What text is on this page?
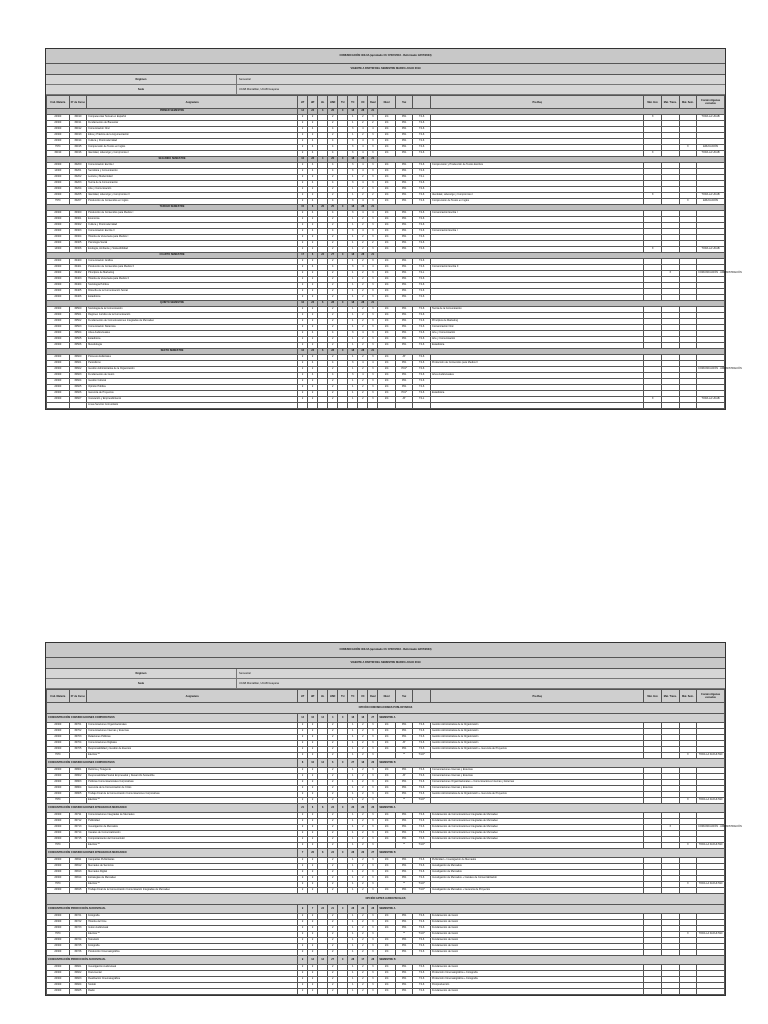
COMUNICACIÓN 400-0A (aprobado CU 07/07/2016 · Reformado 12/07/2023)
VIGENTE A PARTIR DEL SEMESTRE MARZO-JULIO 2019
Régimen	Semestral
Sede	UCAB Montalbán, UCAB Guayana
Cód. Materia	N° de Curso	Asignatura	HT	HP	HL	HSD	TH	TC	UC	Dual	Nivel	Tax		Pre-Req	Mat. Inst.	Mat. Trans.	Mat. Sem.	Común Algunas escuelas
PRIMER SEMESTRE			14	23	3	26	0	18	28	21								
20300	30190	Competencias Textual en Español	2	2		2		1	2	3	2/4	P01	T4-6		X			TODA LA UCAB
20300	30191	Fundamentos de Bienestar	2	2		2		1	2	2	2/4	P01	T4-6					
20300	30192	Comunicación Oral	2	4		4		3	4	4	2/4	P01	T4-6					
20300	30193	Ética y Práctica de la Argumentación	2	2		2		1	2	3	2/4	P01	T4-6					
20300	30194	Cultura y Postmodernidad	2	4		4		3	4	3	2/4	P01	T4-6					
7970	30195	Comprensión de Textos en Inglés	2	4		4		3	4	3	2/4	P01	T4-6				X	EDUCACIÓN
30190	30196	Identidad, Liderazgo y Compromiso I	2	4		4		3	4	3	2/4	P01	T4-6		X			TODA LA UCAB
SEGUNDO SEMESTRE			16	28	4	26	0	18	28	21								
20300	30200	Comunicación Escrita I	2	4		4		3	4	3	2/4	P01	T4-6	Comprensión y Producción de Textos Escritos				
14300	30201	Semiótica y Comunicación	2	4		4		3	4	3	2/4	P01	T4-6					
20300	30202	Lectura y Modernidad	2	2		2		1	2	3	2/4	P01	T4-1					
20300	30203	Teoría de la Comunicación	2	4		4		3	4	3	2/4	P01	T4-6					
20300	30204	Arte y Comunicación	2	2		2		1	2	3	2/4	P01	T4-6					
20300	30205	Identidad, Liderazgo y Compromiso II	2	2		2		1	2	2	2/4	P01	T4-6	Identidad, Liderazgo y Compromiso I	X			TODA LA UCAB
7970	30207	Producción de Contenidos en Inglés	2	4		4		3	4	3	2/4	P01	T4-6	Comprensión de Textos en Inglés			X	EDUCACIÓN
TERCER SEMESTRE			15	6	26	25	0	18	28	21								
20300	30300	Producción de Contenidos para Medios I	2	4		4		3	4	4	2/4	P01	T4-6	Comunicación Escrita I				
20300	30301	Economía	2	2		2		1	2	3	2/4	P01	T4-6					
20300	30302	Cultura y Postmodernidad	2	2		2		1	2	3	2/4	P01	T4-6					
20300	30303	Comunicación Escrita II	2	4		4		3	4	3	2/4	P01	T4-6	Comunicación Escrita I				
20300	30304	Historia de Venezuela para Medios I	2	2		2		1	2	3	2/4	P01	T4-6					
20300	30305	Psicología Social	2	2		2		1	2	2	2/4	P01	T4-6					
14300	30306	Ecología, Ambiente y Sostenibilidad	2	2		2		1	2	3	2/4	P01	T4-6		X			TODA LA UCAB
CUARTO SEMESTRE			17	6	22	27	0	18	28	21								
20300	30400	Comunicación Gráfica	2	2		2		1	2	3	2/4	P01	T4-6					
20300	30401	Producción de Contenidos para Medios II	2	4		4		3	4	4	2/4	P01	T4-6	Comunicación Escrita II				
20300	30402	Principios de Marketing	2	2		2		1	2	3	2/4	P01	T4-1			X		COMUNICACIÓN · ADMINISTRACIÓN
20300	30403	Historia de Venezuela para Medios II	2	2		2		1	2	3	2/4	P01	T4-6					
20300	30404	Sociología Política	2	2		2		1	2	3	2/4	P01	T4-6					
20300	30405	Filosofía de la Comunicación Social	2	2		2		1	2	3	2/4	P01	T4-6					
20300	30406	Estadística	2	2		2		1	2	3	2/4	P01	T4-6					
QUINTO SEMESTRE			16	23	6	28	0	18	28	21								
20300	30500	Sociología de la Comunicación	2	2		2		1	2	3	2/4	P01	T4-6	Teoría de la Comunicación				
20300	30501	Régimen Jurídico de la Comunicación	2	2		2		1	2	3	2/4	P01	T4-6					
20300	30502	Fundamentos de Comunicaciones Integradas de Mercadeo	2	2		2		1	2	3	2/4	P01	T4-6	Principios de Marketing				
20300	30503	Comunicación Sistémica	2	2		2		1	2	3	2/4	P01	T4-6	Comunicación Oral				
20300	30504	Artes Audiovisuales	2	4		4		3	4	3	2/4	P01	T4-6	Arte y Comunicación				
20300	30505	Estadística	2	2		2		1	2	3	2/4	P01	T4-6	Arte y Comunicación				
20300	30506	Metodología	2	2		2		1	2	3	2/4	P01	T4-6	Estadística				
SEXTO SEMESTRE			16	23	6	28	0	18	28	21								
20300	30600	Procesos Editoriales	2	2		2		1	2	3	2/4	AT	T4-6					
20300	30601	Periodismo	2	4		4		3	4	4	2/4	P01	T4-6	Producción de Contenidos para Medios II				
20300	30602	Gestión Administrativa de la Organización	2	2		2		1	2	3	2/4	P01*	T4-6					COMUNICACIÓN · ADMINISTRACIÓN
20300	30603	Fundamentos de Guion	2	4		4		3	4	3	2/4	P01	T4-6	Artes Audiovisuales				
20300	30604	Gestión Cultural	2	2		2		1	2	3	2/4	P01	T4-6					
20300	30605	Opinión Pública	2	2		2		1	2	3	2/4	P01	T4-6					
20300	30606	Gerencia de Proyectos	2	2		2		1	2	3	2/4	P01*	T4-6	Estadística				
20300	30607	Innovación y Emprendimiento	2	2		2		1	2	3	2/4	AT	T4-1		X			TODA LA UCAB
		Línea Servicio Comunitario																
COMUNICACIÓN 400-0A (aprobado CU 07/07/2016 · Reformado 12/07/2023)
VIGENTE A PARTIR DEL SEMESTRE MARZO-JULIO 2019
Régimen	Semestral
Sede	UCAB Montalbán, UCAB Guayana
Cód. Materia	N° de Curso	Asignatura	HT	HP	HL	HSD	TH	TC	UC	Dual	Nivel	Tax		Pre-Req	Mat. Inst.	Mat. Trans.	Mat. Sem.	Común Algunas escuelas
OPCIÓN COMUNICACIONES PUBLICITARIAS																		
CONCENTRACIÓN COMUNICACIONES CORPORATIVAS			14	16	14	4	0	18	18	27	SEMESTRE A							
20300	30701	Comunicaciones Organizacionales	2	2		2		1	2	3	2/4	P01	T4-6	Gestión Administrativa de la Organización				
20300	30702	Comunicaciones Internas y Externas	2	2		2		1	2	3	2/4	P01	T4-6	Gestión Administrativa de la Organización				
20300	30703	Relaciones Públicas	2	2		2		1	2	3	2/4	P01	T4-6	Gestión Administrativa de la Organización				
20300	30704	Comunicaciones Digitales	2	2		2		1	2	3	2/4	AT	T4-6	Gestión Administrativa de la Organización				
20300	30705	Responsabilidad y Gestión de Eventos	2	2		2		1	2	3	2/4	P01	T4-6	Gestión Administrativa de la Organización + Gerencia de Proyectos				
7970		Electiva **	2	2		2		1	2	3		**	T4-6*				X	TODA LA FACULTAD
CONCENTRACIÓN COMUNICACIONES CORPORATIVAS			8	16	14	6	0	27	18	26	SEMESTRE B							
20300	30801	Retórica y Telegenia	2	2		2		1	2	3	2/4	P01	T4-6	Comunicaciones Internas y Externas				
20300	30802	Responsabilidad Social Empresarial y Desarrollo Sostenible	2	2		2		1	2	3	2/4	AT	T4-6	Comunicaciones Internas y Externas				
20300	30803	Políticas Comunicacionales Corporativas	2	2		2		1	2	3	2/4	P01	T4-6	Comunicaciones Organizacionales + Comunicaciones Internas y Externas				
20300	30804	Gerencia de la Comunicación de Crisis	2	2		2		1	2	3	2/4	P01	T4-6	Comunicaciones Internas y Externas				
20300	30805	Trabajo Final de la Concentración Comunicaciones Corporativas	2	2		2		1	2	3	2/4	P01	T4-6	Gestión Administrativa de la Organización + Gerencia de Proyectos				
7970		Electiva **	2	2		2		1	2	3		**	T4-6*				X	TODA LA FACULTAD
CONCENTRACIÓN COMUNICACIONES INTEGRADAS MERCADEO			21	6	8	24	0	26	26	26	SEMESTRE A							
20300	30711	Comunicaciones Integradas de Mercadeo	2	2		2		1	2	3	2/4	P01	T4-6	Fundamentos de Comunicaciones Integradas de Mercadeo				
20300	30712	Publicidad	2	2		2		1	2	3	2/4	P01	T4-6	Fundamentos de Comunicaciones Integradas de Mercadeo				
20300	30713	Investigación de Mercados	2	2		2		1	2	3	2/4	P01	T4-6	Fundamentos de Comunicaciones Integradas de Mercadeo		X		COMUNICACIÓN · ADMINISTRACIÓN
20300	30714	Canales de Comercialización	2	2		2		1	2	3	2/4	P01	T4-6	Fundamentos de Comunicaciones Integradas de Mercadeo				
20300	30715	Comportamiento del Consumidor	2	2		2		1	2	3	2/4	P01	T4-6	Fundamentos de Comunicaciones Integradas de Mercadeo				
7970		Electiva **	2	2		2		1	2	3		**	T4-6*				X	TODA LA FACULTAD
CONCENTRACIÓN COMUNICACIONES INTEGRADAS MERCADEO			7	26	8	24	0	28	26	27	SEMESTRE B							
20300	30811	Campañas Publicitarias	2	2		2		1	2	3	2/4	P01	T4-6	Publicidad + Investigación de Mercados				
20300	30812	Mercadeo de Servicios	2	2		2		1	2	3	2/4	P01	T4-6	Investigación de Mercados				
20300	30813	Mercadeo Digital	2	2		2		1	2	3	2/4	P01	T4-6	Investigación de Mercados				
20300	30814	Estrategias de Mercadeo	2	2		2		1	2	3	2/4	P01	T4-6	Investigación de Mercados + Canales de Comercialización				
7970		Electiva **	2	2		2		1	2	3		**	T4-6*				X	TODA LA FACULTAD
20300	30815	Trabajo Final de la Concentración Comunicación Integradas de Mercadeo	2	2		2		1	2	3	2/4	P01	T4-6*	Investigación de Mercados + Gerencia de Proyectos				
OPCIÓN ARTES AUDIOVISUALES																		
CONCENTRACIÓN PRODUCCIÓN AUDIOVISUAL			9	7	24	21	0	28	26	28	SEMESTRE A							
20300	30721	Fotografía	2	2		2		1	2	3	2/4	P01	T4-6	Fundamentos de Guion				
20300	30722	Historia del Cine	2	2		2		1	2	3	2/4	P01	T4-6	Fundamentos de Guion				
20300	30723	Guion Audiovisual	2	2		2		1	2	3	2/4	P01	T4-6	Fundamentos de Guion				
7970		Electiva **	2	2		2		1	2	3		**	T4-6*	Fundamentos de Guion			X	TODA LA FACULTAD
20300	30724	Televisión	2	2		2		1	2	3	2/4	P01	T4-6	Fundamentos de Guion				
20300	30725	Fotografía	2	2		2		1	2	3	2/4	P01	T4-6	Fundamentos de Guion				
20300	30726	Producción Cinematográfica	2	2		2		1	2	3	2/4	P01	T4-6	Fundamentos de Guion				
CONCENTRACIÓN PRODUCCIÓN AUDIOVISUAL			9	12	12	27	0	28	17	28	SEMESTRE B							
20300	30821	Investigación Audiovisual	2	2		2		1	2	3	2/4	P01	T4-6	Fundamentos de Guion				
20300	30822	Documental	2	2		2		1	2	3	2/4	P01	T4-6	Producción Cinematográfica + Fotografía				
20300	30823	Realización Cinematográfica	2	2		2		1	2	3	2/4	P01	T4-6	Producción Cinematográfica + Fotografía				
20300	30824	Sonido	2	2		2		1	2	3	2/4	P01	T4-6	Postproducción				
20300	30825	Radio	2	2		2		1	2	3	2/4	P01	T4-6	Fundamentos de Guion				
